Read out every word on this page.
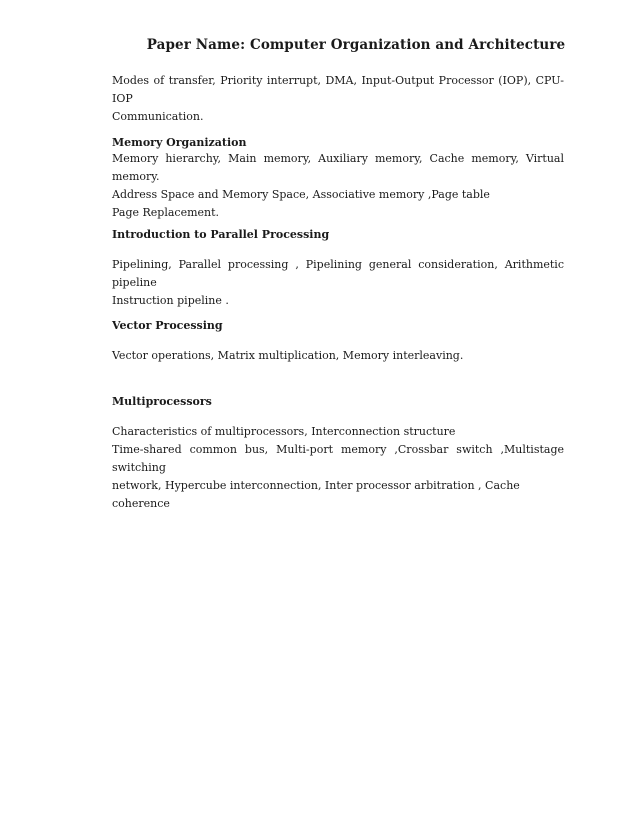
Paper Name: Computer Organization and Architecture
Modes of transfer, Priority interrupt, DMA, Input-Output Processor (IOP), CPU-IOP
Communication.
Memory Organization
Memory hierarchy, Main memory, Auxiliary memory, Cache memory, Virtual memory.
Address Space and Memory Space, Associative memory ,Page table
Page Replacement.
Introduction to Parallel Processing
Pipelining, Parallel processing , Pipelining general consideration, Arithmetic pipeline
Instruction pipeline .
Vector Processing
Vector operations, Matrix multiplication, Memory interleaving.
Multiprocessors
Characteristics of multiprocessors, Interconnection structure
Time-shared common bus, Multi-port memory ,Crossbar switch ,Multistage switching
network, Hypercube interconnection, Inter processor arbitration , Cache coherence
